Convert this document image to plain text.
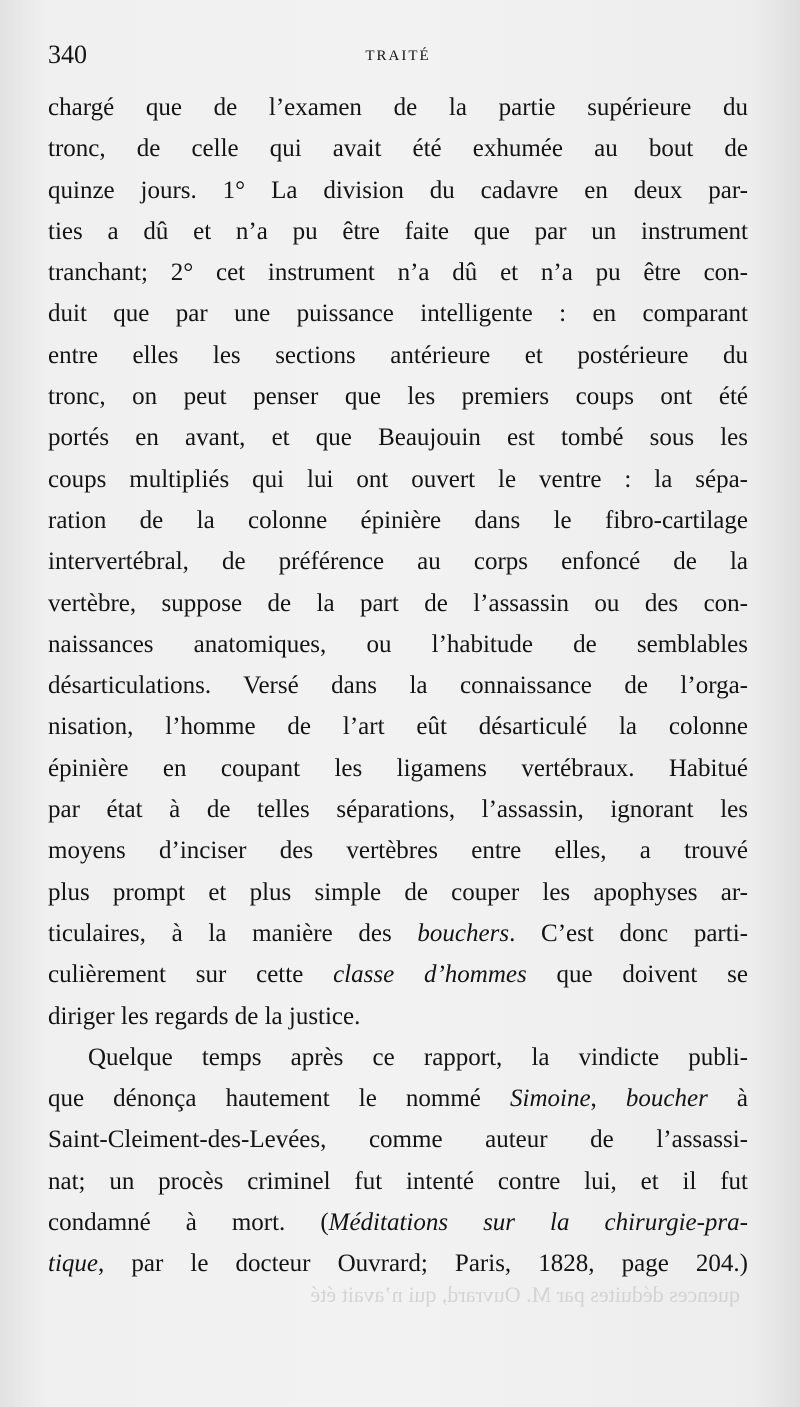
340	TRAITÉ
chargé que de l’examen de la partie supérieure du
tronc, de celle qui avait été exhumée au bout de
quinze jours. 1° La division du cadavre en deux par-
ties a dû et n’a pu être faite que par un instrument
tranchant; 2° cet instrument n’a dû et n’a pu être con-
duit que par une puissance intelligente : en comparant
entre elles les sections antérieure et postérieure du
tronc, on peut penser que les premiers coups ont été
portés en avant, et que Beaujouin est tombé sous les
coups multipliés qui lui ont ouvert le ventre : la sépa-
ration de la colonne épinière dans le fibro-cartilage
intervertébral, de préférence au corps enfoncé de la
vertèbre, suppose de la part de l’assassin ou des con-
naissances anatomiques, ou l’habitude de semblables
désarticulations. Versé dans la connaissance de l’orga-
nisation, l’homme de l’art eût désarticulé la colonne
épinière en coupant les ligamens vertébraux. Habitué
par état à de telles séparations, l’assassin, ignorant les
moyens d’inciser des vertèbres entre elles, a trouvé
plus prompt et plus simple de couper les apophyses ar-
ticulaires, à la manière des bouchers. C’est donc parti-
culièrement sur cette classe d’hommes que doivent se
diriger les regards de la justice.
Quelque temps après ce rapport, la vindicte publi-
que dénonça hautement le nommé Simoine, boucher à
Saint-Cleiment-des-Levées, comme auteur de l’assassi-
nat; un procès criminel fut intenté contre lui, et il fut
condamné à mort. (Méditations sur la chirurgie-pra-
tique, par le docteur Ouvrard; Paris, 1828, page 204.)
quences déduites par M. Ouvrard, qui n’avait été
